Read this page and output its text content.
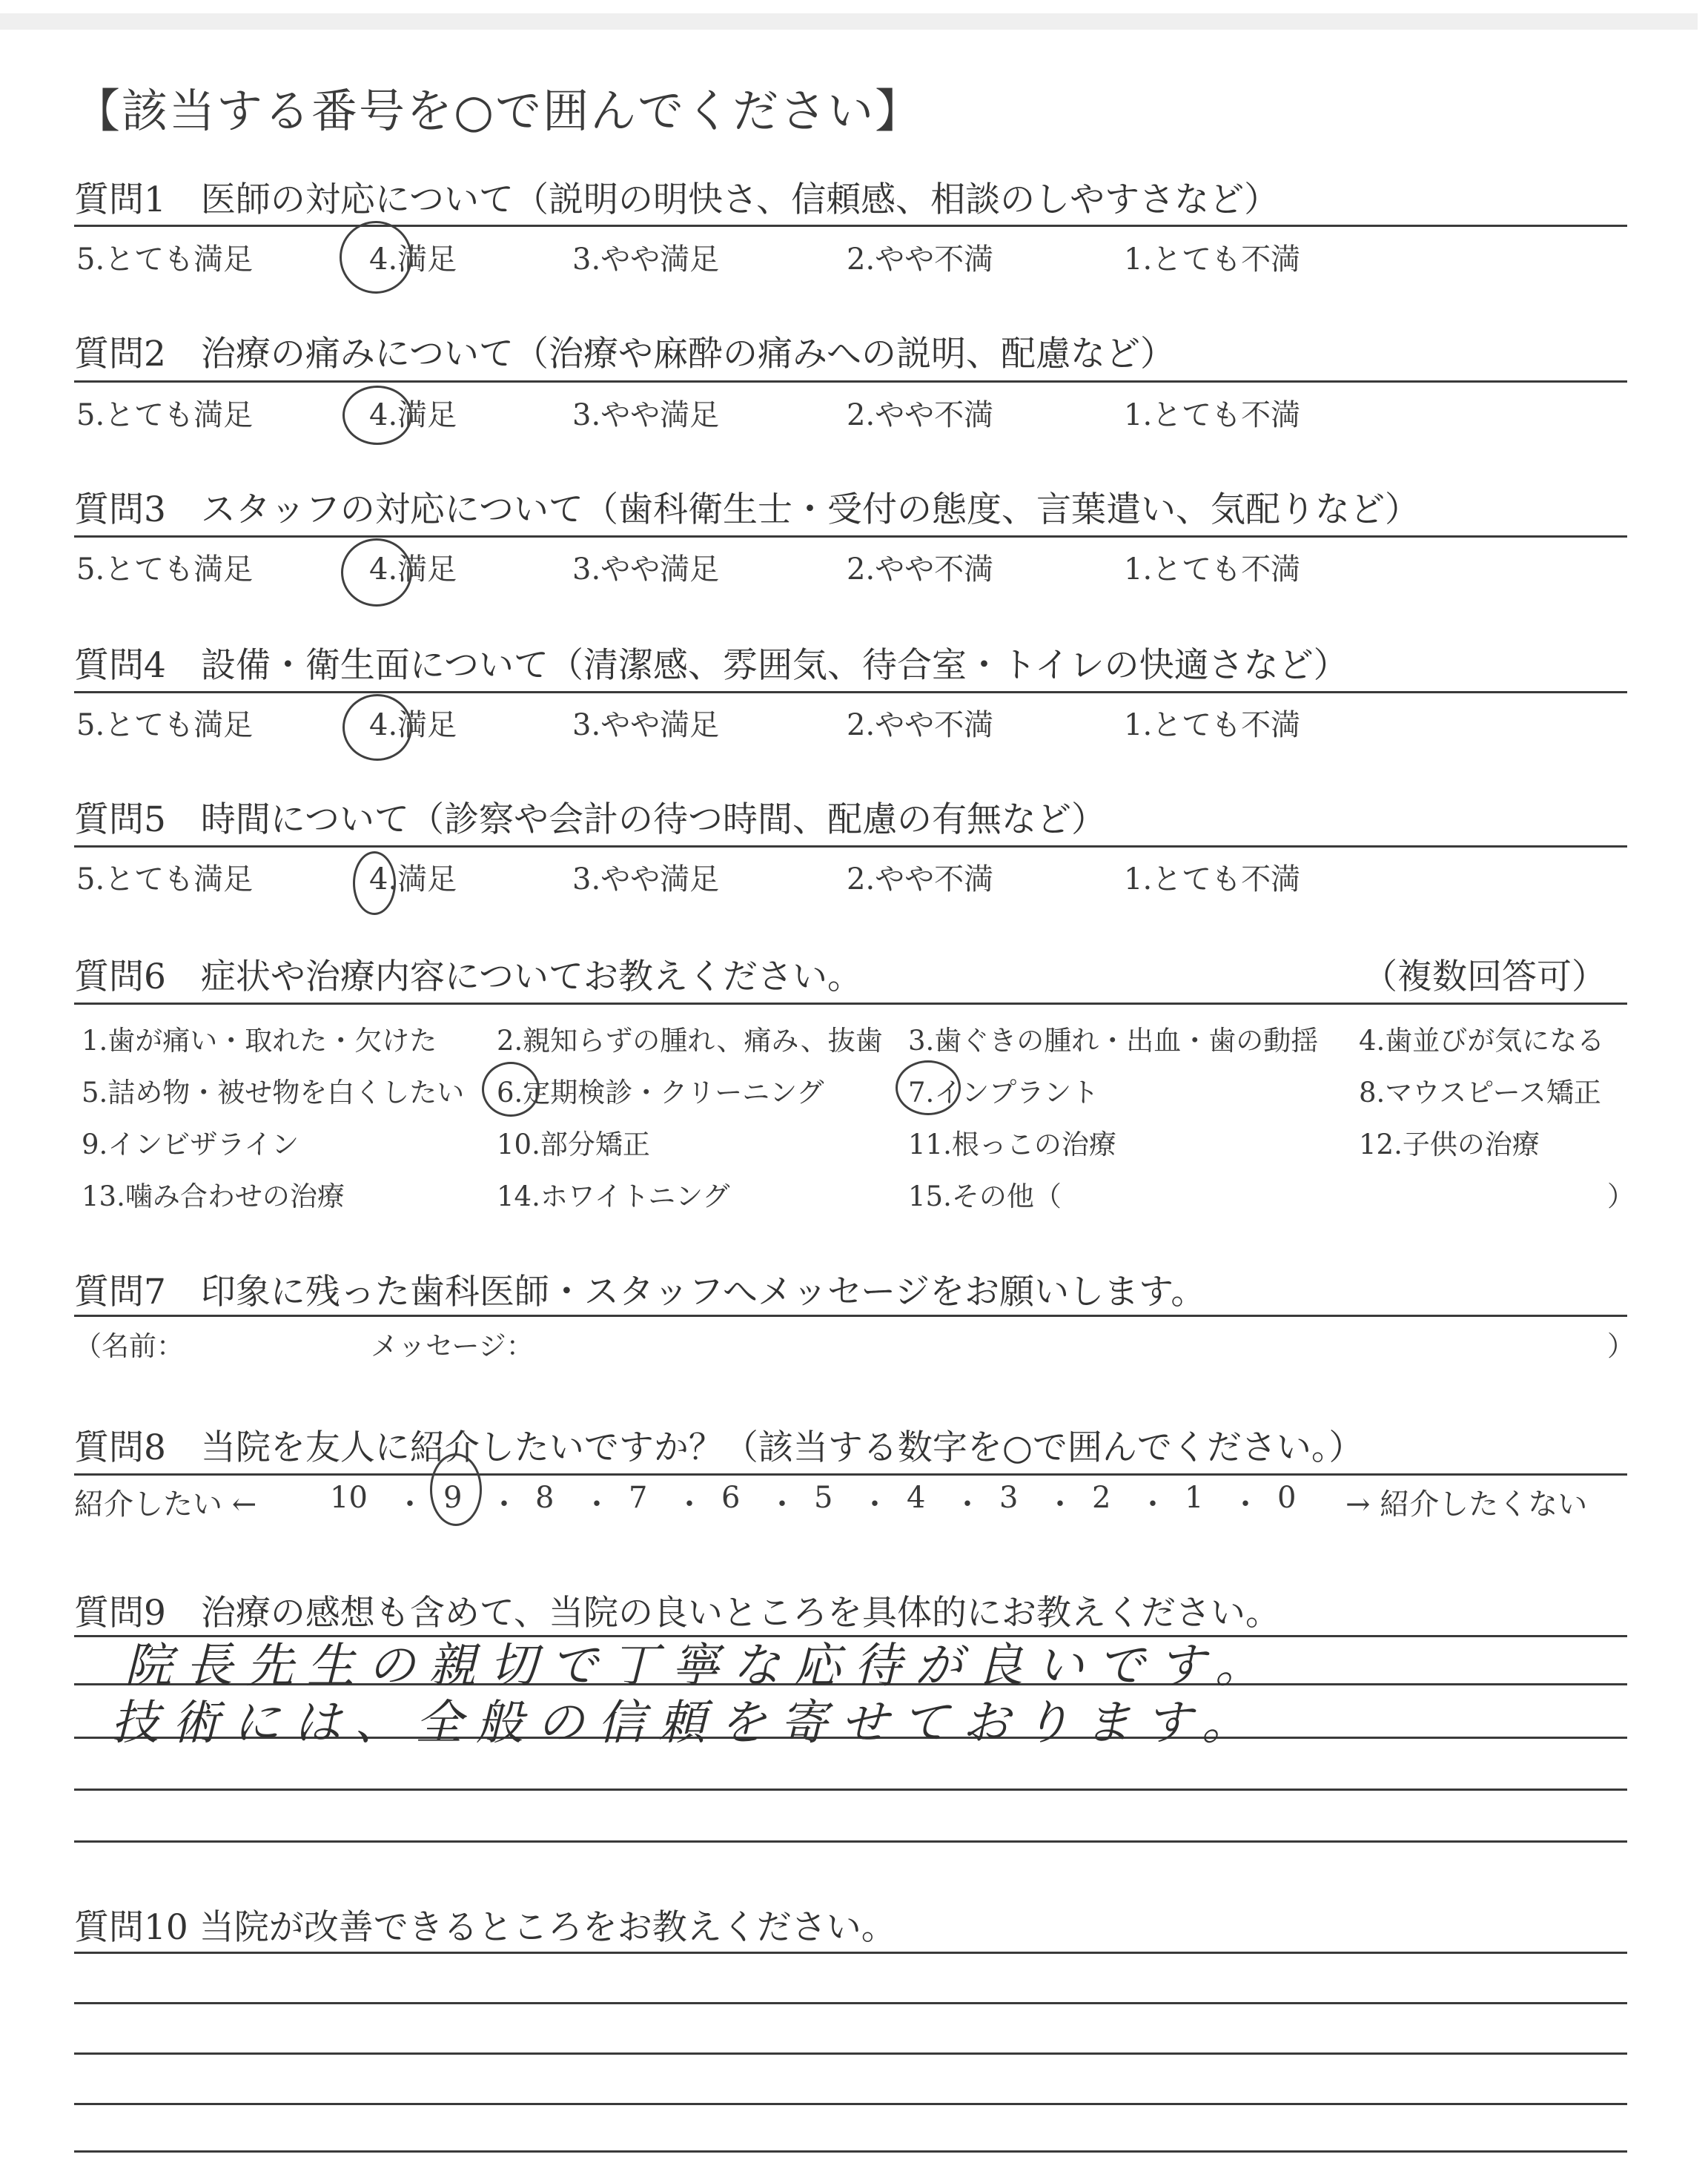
【該当する番号を○で囲んでください】
質問1　 医師の対応について（説明の明快さ、信頼感、相談のしやすさなど）
5.とても満足	4.満足	3.やや満足	2.やや不満	1.とても不満
質問2　 治療の痛みについて（治療や麻酔の痛みへの説明、配慮など）
5.とても満足	4.満足	3.やや満足	2.やや不満	1.とても不満
質問3　 スタッフの対応について（歯科衛生士・受付の態度、言葉遣い、気配りなど）
5.とても満足	4.満足	3.やや満足	2.やや不満	1.とても不満
質問4　 設備・衛生面について（清潔感、雰囲気、待合室・トイレの快適さなど）
5.とても満足	4.満足	3.やや満足	2.やや不満	1.とても不満
質問5　 時間について（診察や会計の待つ時間、配慮の有無など）
5.とても満足	4.満足	3.やや満足	2.やや不満	1.とても不満
質問6　 症状や治療内容についてお教えください。	（複数回答可）
1.歯が痛い・取れた・欠けた 2.親知らずの腫れ、痛み、抜歯 3.歯ぐきの腫れ・出血・歯の動揺 4.歯並びが気になる
5.詰め物・被せ物を白くしたい 6.定期検診・クリーニング	7.インプラント	8.マウスピース矯正
9.インビザライン	10.部分矯正	11.根っこの治療	12.子供の治療
13.噛み合わせの治療	14.ホワイトニング	15.その他（	）
質問7　 印象に残った歯科医師・スタッフへメッセージをお願いします。
（名前：	メッセージ：	）
質問8　 当院を友人に紹介したいですか？（該当する数字を○で囲んでください。）
紹介したい ← 10 ・ 9 ・ 8 ・ 7 ・ 6 ・ 5 ・ 4 ・ 3 ・ 2 ・ 1 ・ 0 → 紹介したくない
質問9　 治療の感想も含めて、当院の良いところを具体的にお教えください。
院長先生の親切で丁寧な応待が良いです。
技術には、全般の信頼を寄せております。
質問10 当院が改善できるところをお教えください。
